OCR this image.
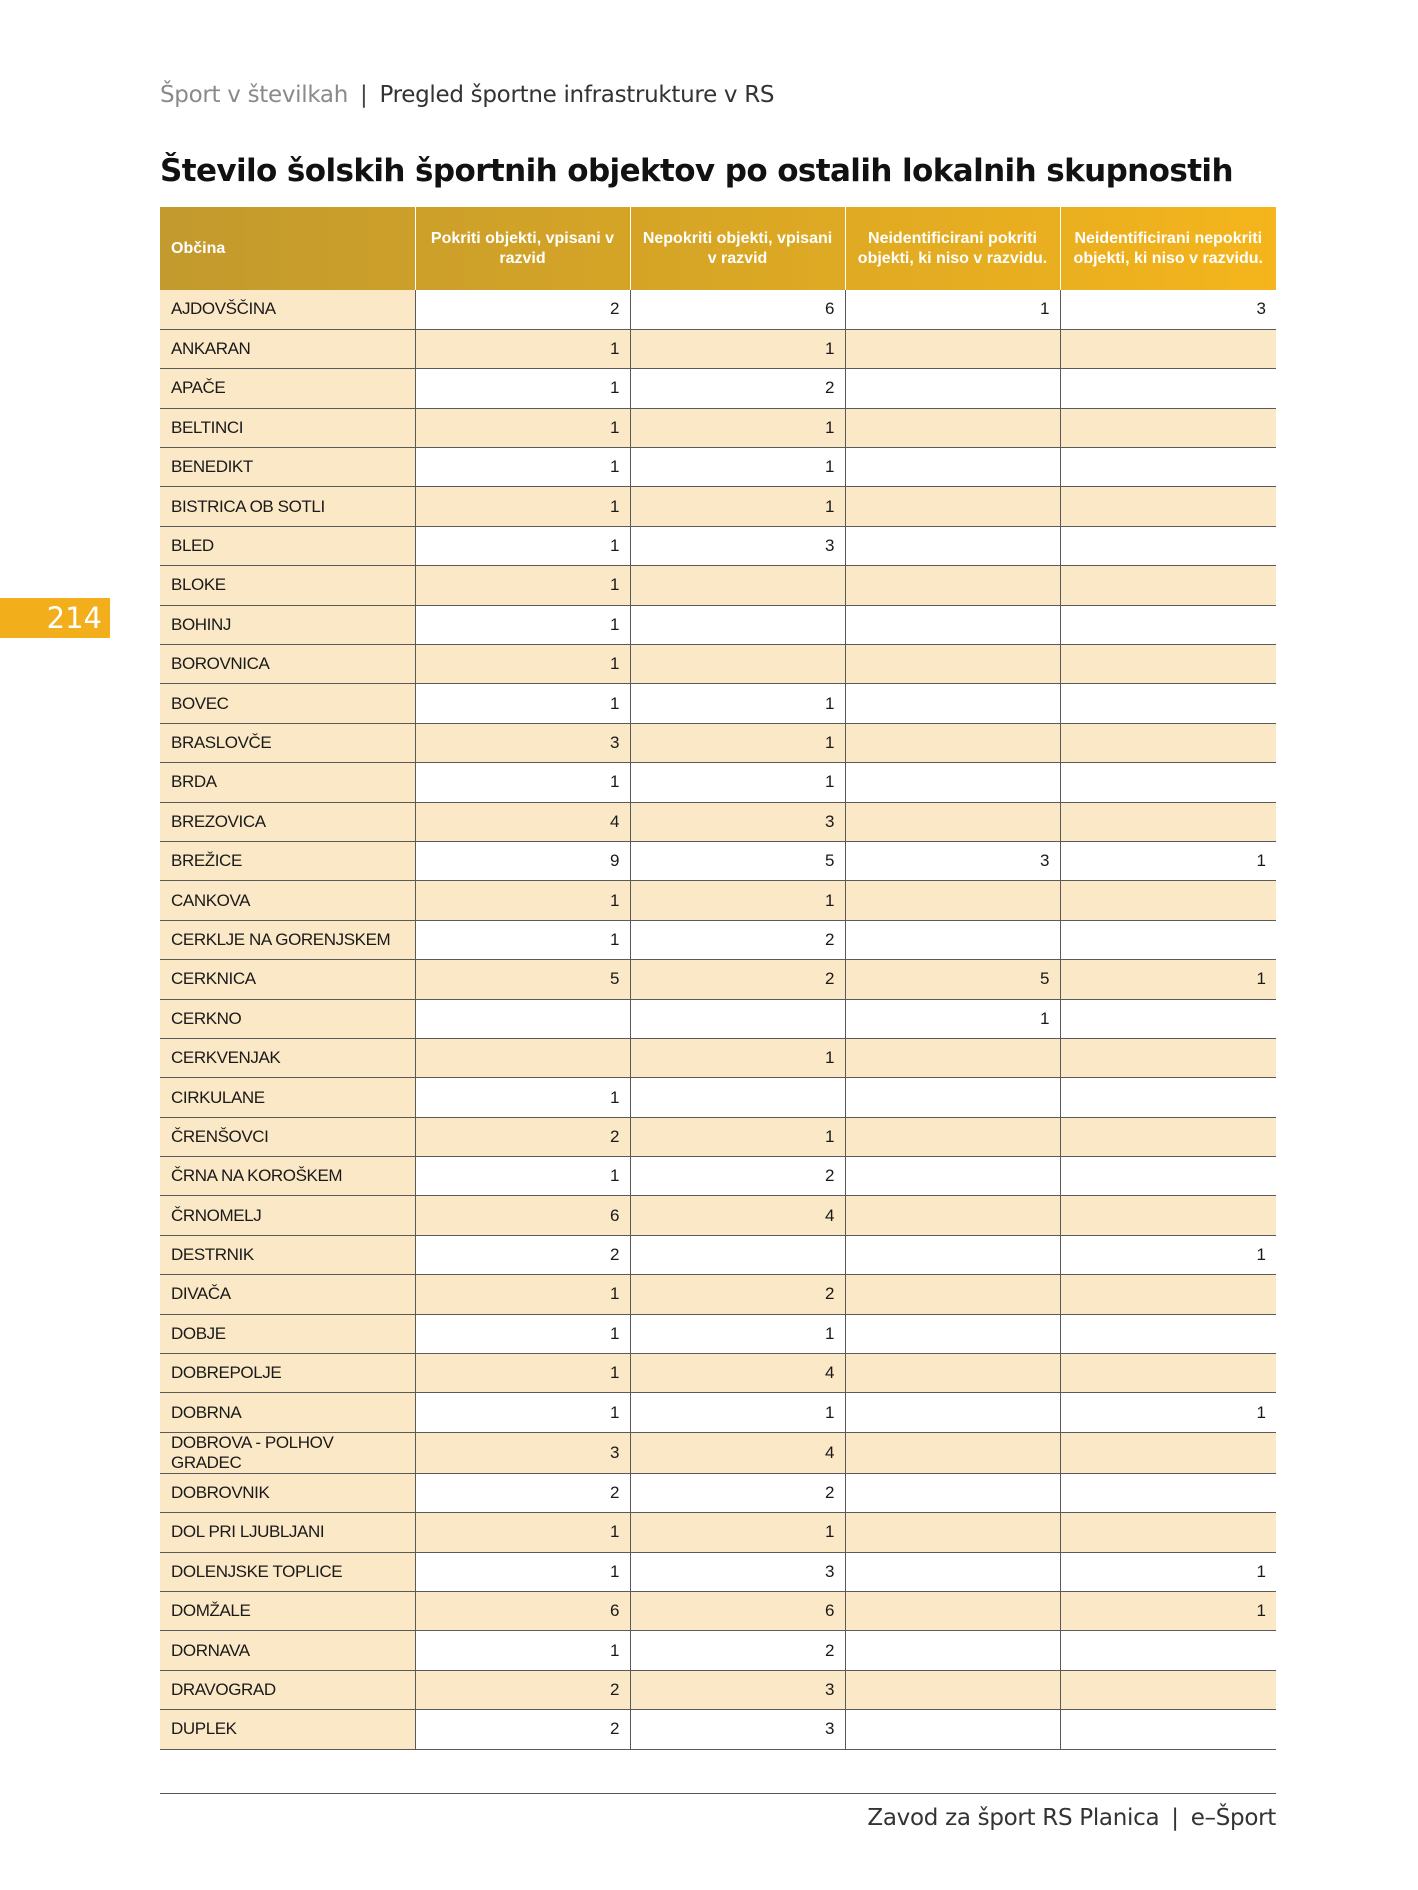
Šport v številkah | Pregled športne infrastrukture v RS
Število šolskih športnih objektov po ostalih lokalnih skupnostih
214
Občina	Pokriti objekti, vpisani v razvid	Nepokriti objekti, vpisani v razvid	Neidentificirani pokriti objekti, ki niso v razvidu.	Neidentificirani nepokriti objekti, ki niso v razvidu.
AJDOVŠČINA	2	6	1	3
ANKARAN	1	1		
APAČE	1	2		
BELTINCI	1	1		
BENEDIKT	1	1		
BISTRICA OB SOTLI	1	1		
BLED	1	3		
BLOKE	1			
BOHINJ	1			
BOROVNICA	1			
BOVEC	1	1		
BRASLOVČE	3	1		
BRDA	1	1		
BREZOVICA	4	3		
BREŽICE	9	5	3	1
CANKOVA	1	1		
CERKLJE NA GORENJSKEM	1	2		
CERKNICA	5	2	5	1
CERKNO			1	
CERKVENJAK		1		
CIRKULANE	1			
ČRENŠOVCI	2	1		
ČRNA NA KOROŠKEM	1	2		
ČRNOMELJ	6	4		
DESTRNIK	2			1
DIVAČA	1	2		
DOBJE	1	1		
DOBREPOLJE	1	4		
DOBRNA	1	1		1
DOBROVA - POLHOV GRADEC	3	4		
DOBROVNIK	2	2		
DOL PRI LJUBLJANI	1	1		
DOLENJSKE TOPLICE	1	3		1
DOMŽALE	6	6		1
DORNAVA	1	2		
DRAVOGRAD	2	3		
DUPLEK	2	3		
Zavod za šport RS Planica | e–Šport
